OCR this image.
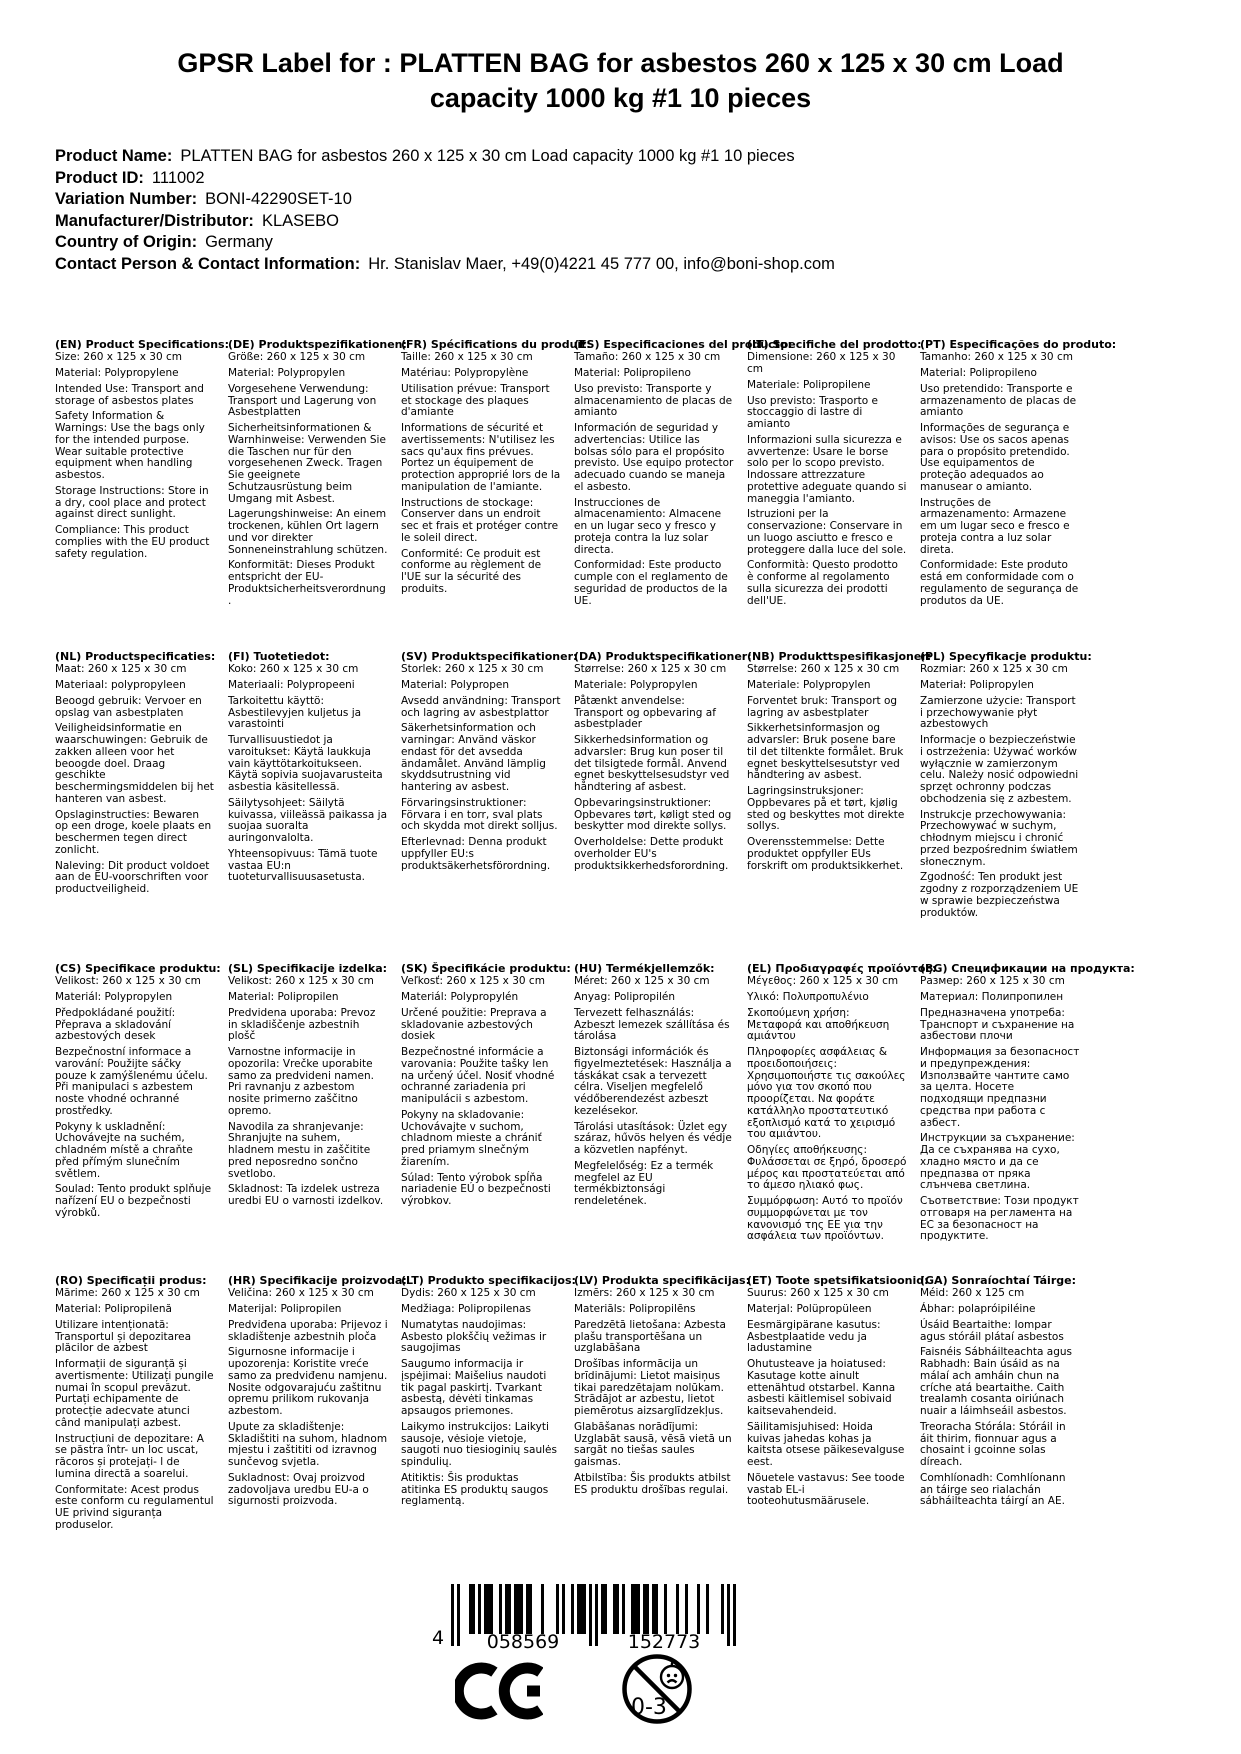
GPSR Label for : PLATTEN BAG for asbestos 260 x 125 x 30 cm Load
capacity 1000 kg #1 10 pieces
Product Name: PLATTEN BAG for asbestos 260 x 125 x 30 cm Load capacity 1000 kg #1 10 pieces
Product ID: 111002
Variation Number: BONI-42290SET-10
Manufacturer/Distributor: KLASEBO
Country of Origin: Germany
Contact Person & Contact Information: Hr. Stanislav Maer, +49(0)4221 45 777 00, info@boni-shop.com
(EN) Product Specifications:

Size: 260 x 125 x 30 cm

Material: Polypropylene

Intended Use: Transport and storage of asbestos plates

Safety Information & Warnings: Use the bags only for the intended purpose. Wear suitable protective equipment when handling asbestos.

Storage Instructions: Store in a dry, cool place and protect against direct sunlight.

Compliance: This product complies with the EU product safety regulation.

(DE) Produktspezifikationen:

Größe: 260 x 125 x 30 cm

Material: Polypropylen

Vorgesehene Verwendung: Transport und Lagerung von Asbestplatten

Sicherheitsinformationen & Warnhinweise: Verwenden Sie die Taschen nur für den vorgesehenen Zweck. Tragen Sie geeignete Schutzausrüstung beim Umgang mit Asbest.

Lagerungshinweise: An einem trockenen, kühlen Ort lagern und vor direkter Sonneneinstrahlung schützen.

Konformität: Dieses Produkt entspricht der EU-Produktsicherheitsverordnung.

(FR) Spécifications du produit:

Taille: 260 x 125 x 30 cm

Matériau: Polypropylène

Utilisation prévue: Transport et stockage des plaques d'amiante

Informations de sécurité et avertissements: N'utilisez les sacs qu'aux fins prévues. Portez un équipement de protection approprié lors de la manipulation de l'amiante.

Instructions de stockage: Conserver dans un endroit sec et frais et protéger contre le soleil direct.

Conformité: Ce produit est conforme au règlement de l'UE sur la sécurité des produits.

(ES) Especificaciones del producto:

Tamaño: 260 x 125 x 30 cm

Material: Polipropileno

Uso previsto: Transporte y almacenamiento de placas de amianto

Información de seguridad y advertencias: Utilice las bolsas sólo para el propósito previsto. Use equipo protector adecuado cuando se maneja el asbesto.

Instrucciones de almacenamiento: Almacene en un lugar seco y fresco y proteja contra la luz solar directa.

Conformidad: Este producto cumple con el reglamento de seguridad de productos de la UE.

(IT) Specifiche del prodotto:

Dimensione: 260 x 125 x 30 cm

Materiale: Polipropilene

Uso previsto: Trasporto e stoccaggio di lastre di amianto

Informazioni sulla sicurezza e avvertenze: Usare le borse solo per lo scopo previsto. Indossare attrezzature protettive adeguate quando si maneggia l'amianto.

Istruzioni per la conservazione: Conservare in un luogo asciutto e fresco e proteggere dalla luce del sole.

Conformità: Questo prodotto è conforme al regolamento sulla sicurezza dei prodotti dell'UE.

(PT) Especificações do produto:

Tamanho: 260 x 125 x 30 cm

Material: Polipropileno

Uso pretendido: Transporte e armazenamento de placas de amianto

Informações de segurança e avisos: Use os sacos apenas para o propósito pretendido. Use equipamentos de proteção adequados ao manusear o amianto.

Instruções de armazenamento: Armazene em um lugar seco e fresco e proteja contra a luz solar direta.

Conformidade: Este produto está em conformidade com o regulamento de segurança de produtos da UE.

(NL) Productspecificaties:

Maat: 260 x 125 x 30 cm

Materiaal: polypropyleen

Beoogd gebruik: Vervoer en opslag van asbestplaten

Veiligheidsinformatie en waarschuwingen: Gebruik de zakken alleen voor het beoogde doel. Draag geschikte beschermingsmiddelen bij het hanteren van asbest.

Opslaginstructies: Bewaren op een droge, koele plaats en beschermen tegen direct zonlicht.

Naleving: Dit product voldoet aan de EU-voorschriften voor productveiligheid.

(FI) Tuotetiedot:

Koko: 260 x 125 x 30 cm

Materiaali: Polypropeeni

Tarkoitettu käyttö: Asbestilevyjen kuljetus ja varastointi

Turvallisuustiedot ja varoitukset: Käytä laukkuja vain käyttötarkoitukseen. Käytä sopivia suojavarusteita asbestia käsitellessä.

Säilytysohjeet: Säilytä kuivassa, viileässä paikassa ja suojaa suoralta auringonvalolta.

Yhteensopivuus: Tämä tuote vastaa EU:n tuoteturvallisuusasetusta.

(SV) Produktspecifikationer:

Storlek: 260 x 125 x 30 cm

Material: Polypropen

Avsedd användning: Transport och lagring av asbestplattor

Säkerhetsinformation och varningar: Använd väskor endast för det avsedda ändamålet. Använd lämplig skyddsutrustning vid hantering av asbest.

Förvaringsinstruktioner: Förvara i en torr, sval plats och skydda mot direkt solljus.

Efterlevnad: Denna produkt uppfyller EU:s produktsäkerhetsförordning.

(DA) Produktspecifikationer:

Størrelse: 260 x 125 x 30 cm

Materiale: Polypropylen

Påtænkt anvendelse: Transport og opbevaring af asbestplader

Sikkerhedsinformation og advarsler: Brug kun poser til det tilsigtede formål. Anvend egnet beskyttelsesudstyr ved håndtering af asbest.

Opbevaringsinstruktioner: Opbevares tørt, køligt sted og beskytter mod direkte sollys.

Overholdelse: Dette produkt overholder EU's produktsikkerhedsforordning.

(NB) Produkttspesifikasjoner:

Størrelse: 260 x 125 x 30 cm

Materiale: Polypropylen

Forventet bruk: Transport og lagring av asbestplater

Sikkerhetsinformasjon og advarsler: Bruk posene bare til det tiltenkte formålet. Bruk egnet beskyttelsesutstyr ved håndtering av asbest.

Lagringsinstruksjoner: Oppbevares på et tørt, kjølig sted og beskyttes mot direkte sollys.

Overensstemmelse: Dette produktet oppfyller EUs forskrift om produktsikkerhet.

(PL) Specyfikacje produktu:

Rozmiar: 260 x 125 x 30 cm

Materiał: Polipropylen

Zamierzone użycie: Transport i przechowywanie płyt azbestowych

Informacje o bezpieczeństwie i ostrzeżenia: Używać worków wyłącznie w zamierzonym celu. Należy nosić odpowiedni sprzęt ochronny podczas obchodzenia się z azbestem.

Instrukcje przechowywania: Przechowywać w suchym, chłodnym miejscu i chronić przed bezpośrednim światłem słonecznym.

Zgodność: Ten produkt jest zgodny z rozporządzeniem UE w sprawie bezpieczeństwa produktów.

(CS) Specifikace produktu:

Velikost: 260 x 125 x 30 cm

Materiál: Polypropylen

Předpokládané použití: Přeprava a skladování azbestových desek

Bezpečnostní informace a varování: Použijte sáčky pouze k zamýšlenému účelu. Při manipulaci s azbestem noste vhodné ochranné prostředky.

Pokyny k uskladnění: Uchovávejte na suchém, chladném místě a chraňte před přímým slunečním světlem.

Soulad: Tento produkt splňuje nařízení EU o bezpečnosti výrobků.

(SL) Specifikacije izdelka:

Velikost: 260 x 125 x 30 cm

Material: Polipropilen

Predvidena uporaba: Prevoz in skladiščenje azbestnih plošč

Varnostne informacije in opozorila: Vrečke uporabite samo za predvideni namen. Pri ravnanju z azbestom nosite primerno zaščitno opremo.

Navodila za shranjevanje: Shranjujte na suhem, hladnem mestu in zaščitite pred neposredno sončno svetlobo.

Skladnost: Ta izdelek ustreza uredbi EU o varnosti izdelkov.

(SK) Špecifikácie produktu:

Veľkosť: 260 x 125 x 30 cm

Materiál: Polypropylén

Určené použitie: Preprava a skladovanie azbestových dosiek

Bezpečnostné informácie a varovania: Použite tašky len na určený účel. Nosiť vhodné ochranné zariadenia pri manipulácii s azbestom.

Pokyny na skladovanie: Uchovávajte v suchom, chladnom mieste a chrániť pred priamym slnečným žiarením.

Súlad: Tento výrobok spĺňa nariadenie EÚ o bezpečnosti výrobkov.

(HU) Termékjellemzők:

Méret: 260 x 125 x 30 cm

Anyag: Polipropilén

Tervezett felhasználás: Azbeszt lemezek szállítása és tárolása

Biztonsági információk és figyelmeztetések: Használja a táskákat csak a tervezett célra. Viseljen megfelelő védőberendezést azbeszt kezelésekor.

Tárolási utasítások: Üzlet egy száraz, hűvös helyen és védje a közvetlen napfényt.

Megfelelőség: Ez a termék megfelel az EU termékbiztonsági rendeletének.

(EL) Προδιαγραφές προϊόντος:

Μέγεθος: 260 x 125 x 30 cm

Υλικό: Πολυπροπυλένιο

Σκοπούμενη χρήση: Μεταφορά και αποθήκευση αμιάντου

Πληροφορίες ασφάλειας & προειδοποιήσεις: Χρησιμοποιήστε τις σακούλες μόνο για τον σκοπό που προορίζεται. Να φοράτε κατάλληλο προστατευτικό εξοπλισμό κατά το χειρισμό του αμιάντου.

Οδηγίες αποθήκευσης: Φυλάσσεται σε ξηρό, δροσερό μέρος και προστατεύεται από το άμεσο ηλιακό φως.

Συμμόρφωση: Αυτό το προϊόν συμμορφώνεται με τον κανονισμό της ΕΕ για την ασφάλεια των προϊόντων.

(BG) Спецификации на продукта:

Размер: 260 x 125 x 30 cm

Материал: Полипропилен

Предназначена употреба: Транспорт и съхранение на азбестови плочи

Информация за безопасност и предупреждения: Използвайте чантите само за целта. Носете подходящи предпазни средства при работа с азбест.

Инструкции за съхранение: Да се съхранява на сухо, хладно място и да се предпазва от пряка слънчева светлина.

Съответствие: Този продукт отговаря на регламента на ЕС за безопасност на продуктите.

(RO) Specificații produs:

Mărime: 260 x 125 x 30 cm

Material: Polipropilenă

Utilizare intenționată: Transportul și depozitarea plăcilor de azbest

Informații de siguranță și avertismente: Utilizați pungile numai în scopul prevăzut. Purtați echipamente de protecție adecvate atunci când manipulați azbest.

Instrucțiuni de depozitare: A se păstra într- un loc uscat, răcoros și protejați- l de lumina directă a soarelui.

Conformitate: Acest produs este conform cu regulamentul UE privind siguranța produselor.

(HR) Specifikacije proizvoda:

Veličina: 260 x 125 x 30 cm

Materijal: Polipropilen

Predviđena uporaba: Prijevoz i skladištenje azbestnih ploča

Sigurnosne informacije i upozorenja: Koristite vreće samo za predviđenu namjenu. Nosite odgovarajuću zaštitnu opremu prilikom rukovanja azbestom.

Upute za skladištenje: Skladištiti na suhom, hladnom mjestu i zaštititi od izravnog sunčevog svjetla.

Sukladnost: Ovaj proizvod zadovoljava uredbu EU-a o sigurnosti proizvoda.

(LT) Produkto specifikacijos:

Dydis: 260 x 125 x 30 cm

Medžiaga: Polipropilenas

Numatytas naudojimas: Asbesto plokščių vežimas ir saugojimas

Saugumo informacija ir įspėjimai: Maišelius naudoti tik pagal paskirtį. Tvarkant asbestą, dėvėti tinkamas apsaugos priemones.

Laikymo instrukcijos: Laikyti sausoje, vėsioje vietoje, saugoti nuo tiesioginių saulės spindulių.

Atitiktis: Šis produktas atitinka ES produktų saugos reglamentą.

(LV) Produkta specifikācijas:

Izmērs: 260 x 125 x 30 cm

Materiāls: Polipropilēns

Paredzētā lietošana: Azbesta plašu transportēšana un uzglabāšana

Drošības informācija un brīdinājumi: Lietot maisiņus tikai paredzētajam nolūkam. Strādājot ar azbestu, lietot piemērotus aizsarglīdzekļus.

Glabāšanas norādījumi: Uzglabāt sausā, vēsā vietā un sargāt no tiešas saules gaismas.

Atbilstība: Šis produkts atbilst ES produktu drošības regulai.

(ET) Toote spetsifikatsioonid:

Suurus: 260 x 125 x 30 cm

Materjal: Polüpropüleen

Eesmärgipärane kasutus: Asbestplaatide vedu ja ladustamine

Ohutusteave ja hoiatused: Kasutage kotte ainult ettenähtud otstarbel. Kanna asbesti käitlemisel sobivaid kaitsevahendeid.

Säilitamisjuhised: Hoida kuivas jahedas kohas ja kaitsta otsese päikesevalguse eest.

Nõuetele vastavus: See toode vastab EL-i tooteohutusmäärusele.

(GA) Sonraíochtaí Táirge:

Méid: 260 x 125 cm

Ábhar: polapróipiléine

Úsáid Beartaithe: Iompar agus stóráil plátaí asbestos

Faisnéis Sábháilteachta agus Rabhadh: Bain úsáid as na málaí ach amháin chun na críche atá beartaithe. Caith trealamh cosanta oiriúnach nuair a láimhseáil asbestos.

Treoracha Stórála: Stóráil in áit thirim, fionnuar agus a chosaint i gcoinne solas díreach.

Comhlíonadh: Comhlíonann an táirge seo rialachán sábháilteachta táirgí an AE.

4 058569	152773
0-3
